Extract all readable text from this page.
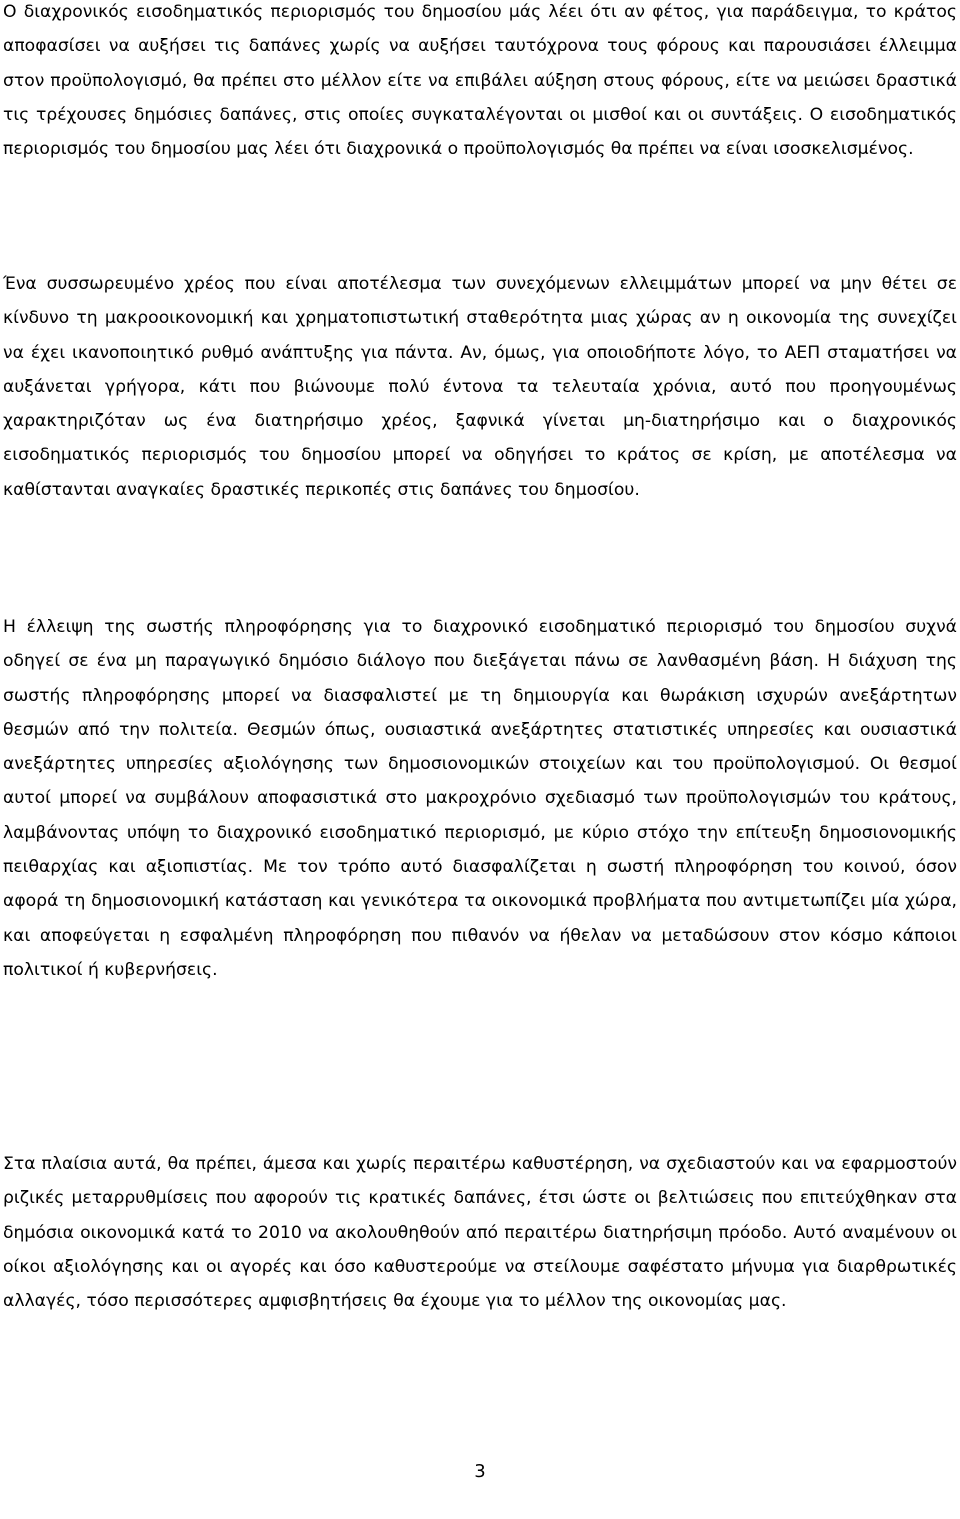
Ο διαχρονικός εισοδηματικός περιορισμός του δημοσίου μάς λέει ότι αν φέτος, για παράδειγμα, το κράτος αποφασίσει να αυξήσει τις δαπάνες χωρίς να αυξήσει ταυτόχρονα τους φόρους και παρουσιάσει έλλειμμα στον προϋπολογισμό, θα πρέπει στο μέλλον είτε να επιβάλει αύξηση στους φόρους, είτε να μειώσει δραστικά τις τρέχουσες δημόσιες δαπάνες, στις οποίες συγκαταλέγονται οι μισθοί και οι συντάξεις. Ο εισοδηματικός περιορισμός του δημοσίου μας λέει ότι διαχρονικά ο προϋπολογισμός θα πρέπει να είναι ισοσκελισμένος.

Ένα συσσωρευμένο χρέος που είναι αποτέλεσμα των συνεχόμενων ελλειμμάτων μπορεί να μην θέτει σε κίνδυνο τη μακροοικονομική και χρηματοπιστωτική σταθερότητα μιας χώρας αν η οικονομία της συνεχίζει να έχει ικανοποιητικό ρυθμό ανάπτυξης για πάντα. Αν, όμως, για οποιοδήποτε λόγο, το ΑΕΠ σταματήσει να αυξάνεται γρήγορα, κάτι που βιώνουμε πολύ έντονα τα τελευταία χρόνια, αυτό που προηγουμένως χαρακτηριζόταν ως ένα διατηρήσιμο χρέος, ξαφνικά γίνεται μη-διατηρήσιμο και ο διαχρονικός εισοδηματικός περιορισμός του δημοσίου μπορεί να οδηγήσει το κράτος σε κρίση, με αποτέλεσμα να καθίστανται αναγκαίες δραστικές περικοπές στις δαπάνες του δημοσίου.

Η έλλειψη της σωστής πληροφόρησης για το διαχρονικό εισοδηματικό περιορισμό του δημοσίου συχνά οδηγεί σε ένα μη παραγωγικό δημόσιο διάλογο που διεξάγεται πάνω σε λανθασμένη βάση. Η διάχυση της σωστής πληροφόρησης μπορεί να διασφαλιστεί με τη δημιουργία και θωράκιση ισχυρών ανεξάρτητων θεσμών από την πολιτεία. Θεσμών όπως, ουσιαστικά ανεξάρτητες στατιστικές υπηρεσίες και ουσιαστικά ανεξάρτητες υπηρεσίες αξιολόγησης των δημοσιονομικών στοιχείων και του προϋπολογισμού. Οι θεσμοί αυτοί μπορεί να συμβάλουν αποφασιστικά στο μακροχρόνιο σχεδιασμό των προϋπολογισμών του κράτους, λαμβάνοντας υπόψη το διαχρονικό εισοδηματικό περιορισμό, με κύριο στόχο την επίτευξη δημοσιονομικής πειθαρχίας και αξιοπιστίας. Με τον τρόπο αυτό διασφαλίζεται η σωστή πληροφόρηση του κοινού, όσον αφορά τη δημοσιονομική κατάσταση και γενικότερα τα οικονομικά προβλήματα που αντιμετωπίζει μία χώρα, και αποφεύγεται η εσφαλμένη πληροφόρηση που πιθανόν να ήθελαν να μεταδώσουν στον κόσμο κάποιοι πολιτικοί ή κυβερνήσεις.

Στα πλαίσια αυτά, θα πρέπει, άμεσα και χωρίς περαιτέρω καθυστέρηση, να σχεδιαστούν και να εφαρμοστούν ριζικές μεταρρυθμίσεις που αφορούν τις κρατικές δαπάνες, έτσι ώστε οι βελτιώσεις που επιτεύχθηκαν στα δημόσια οικονομικά κατά το 2010 να ακολουθηθούν από περαιτέρω διατηρήσιμη πρόοδο. Αυτό αναμένουν οι οίκοι αξιολόγησης και οι αγορές και όσο καθυστερούμε να στείλουμε σαφέστατο μήνυμα για διαρθρωτικές αλλαγές, τόσο περισσότερες αμφισβητήσεις θα έχουμε για το μέλλον της οικονομίας μας.

3
